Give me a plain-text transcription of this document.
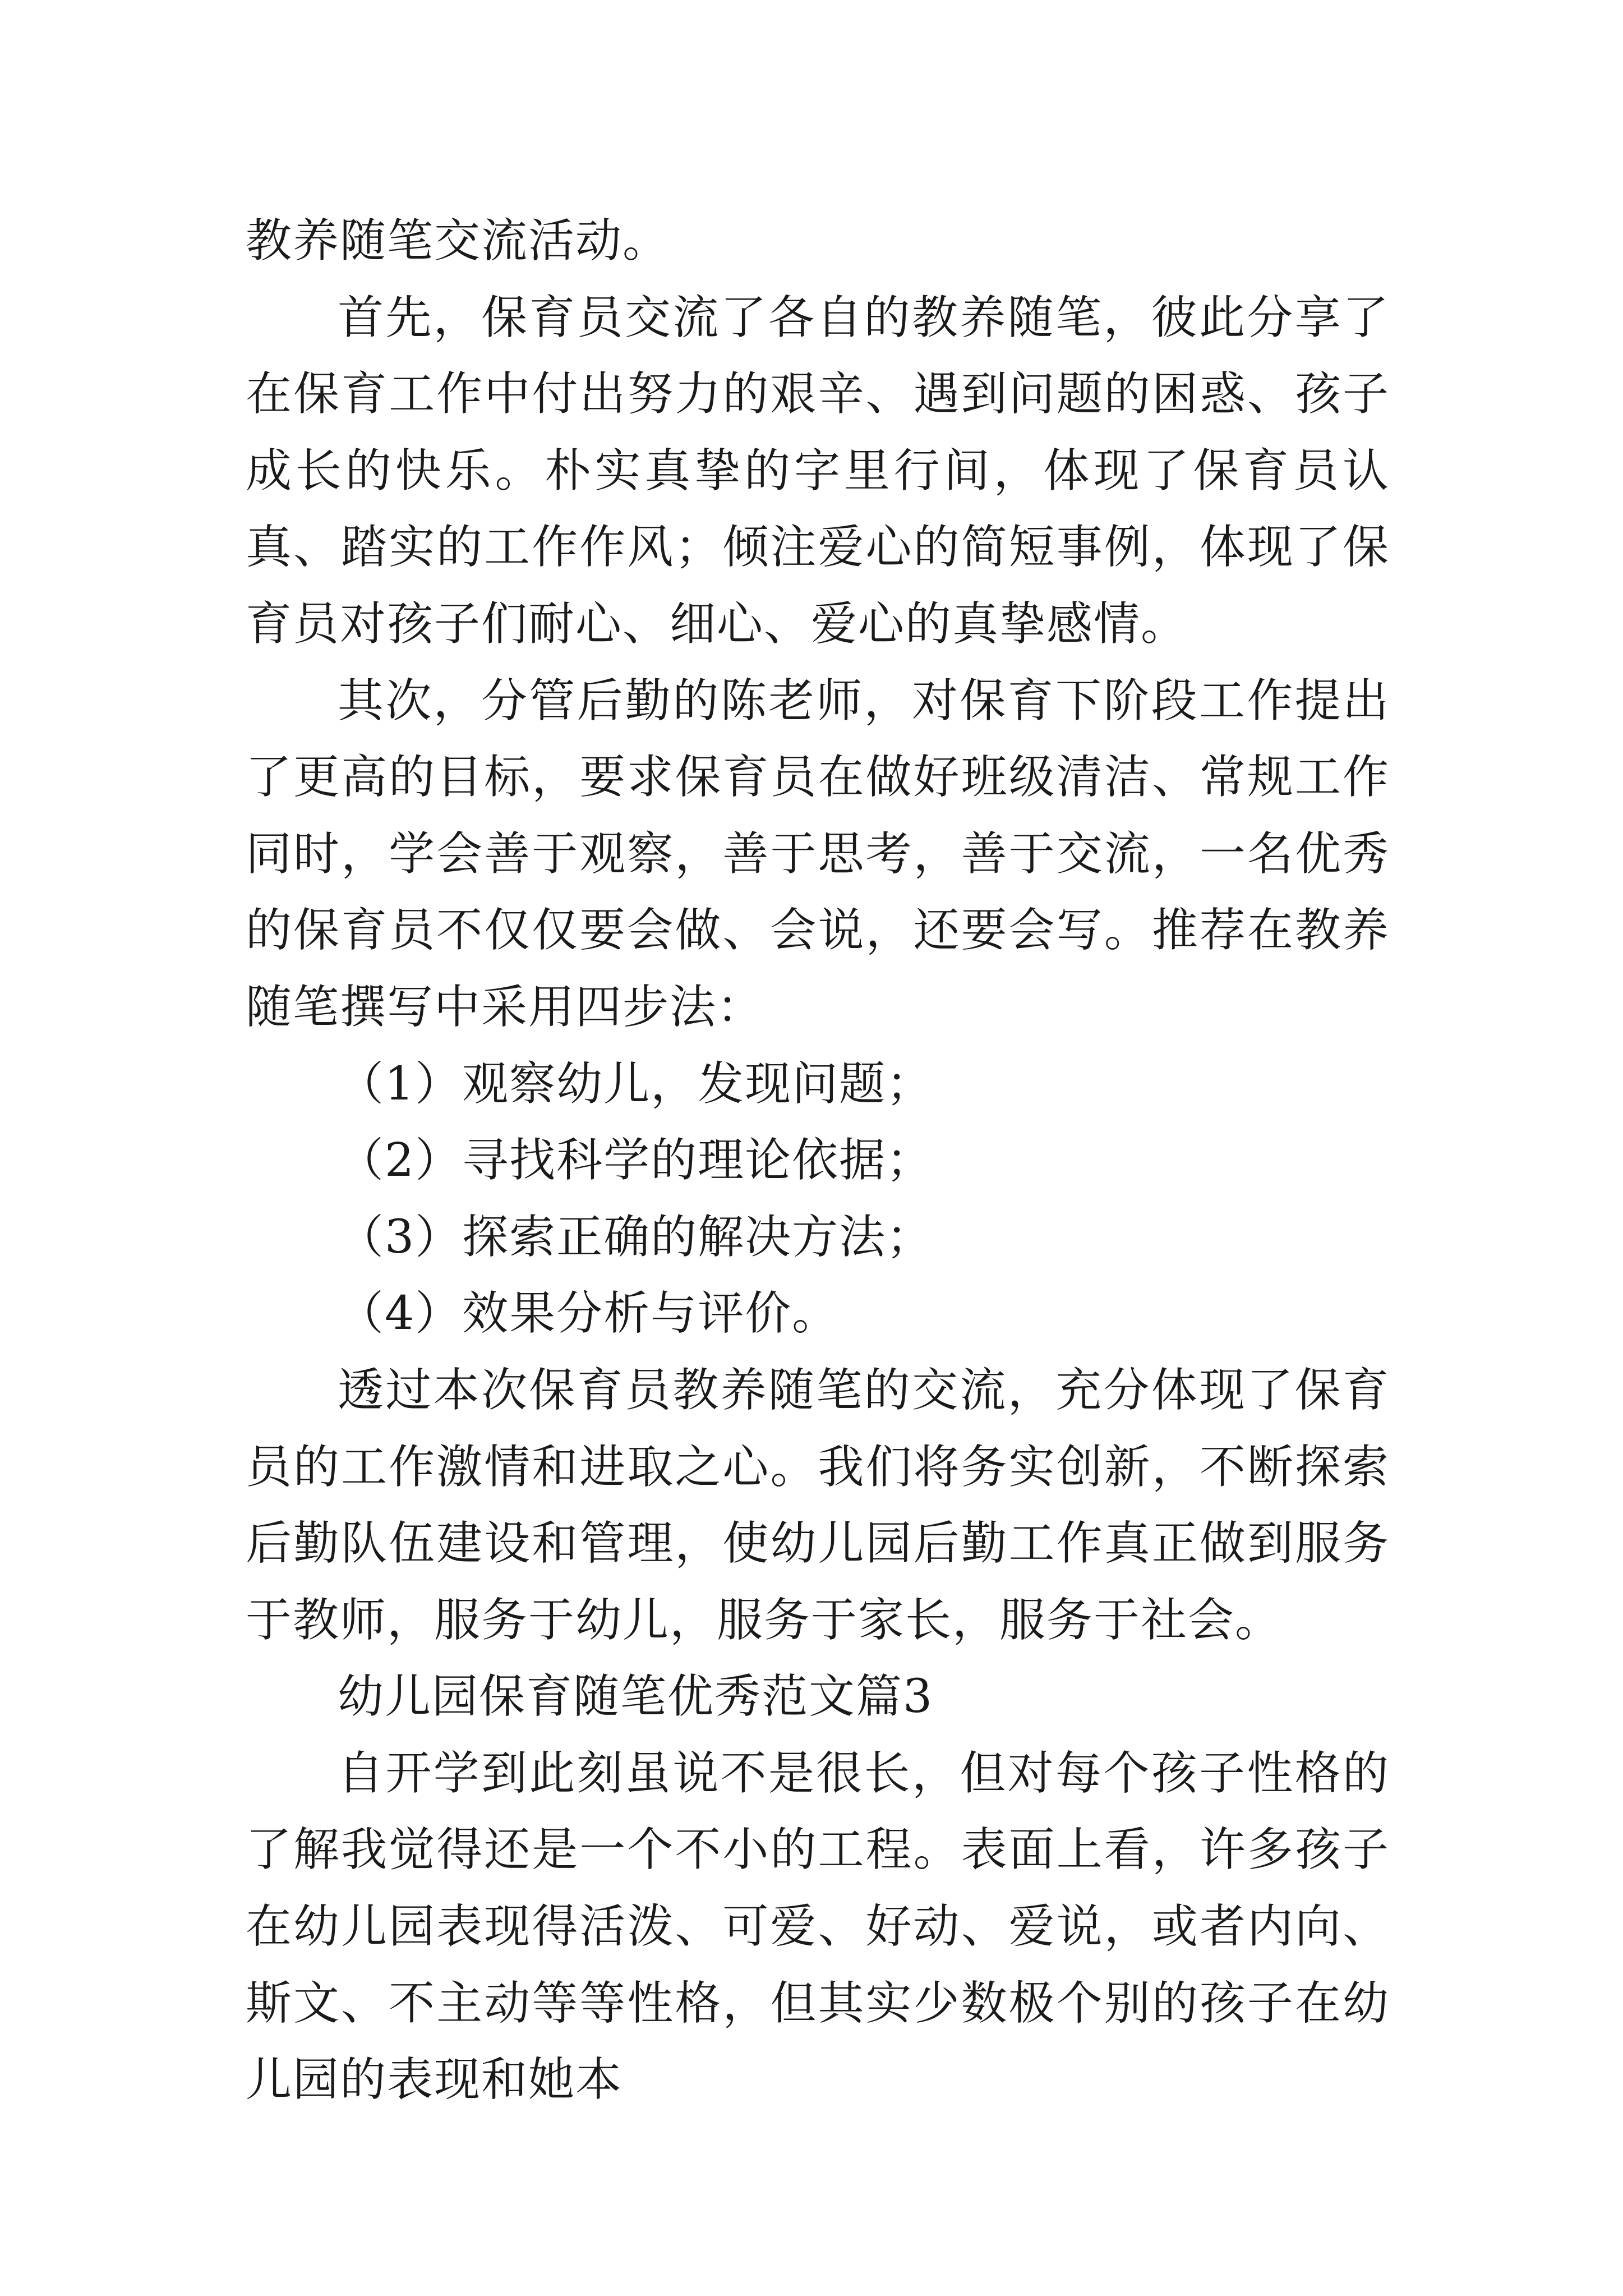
教养随笔交流活动。

首先，保育员交流了各自的教养随笔，彼此分享了在保育工作中付出努力的艰辛、遇到问题的困惑、孩子成长的快乐。朴实真挚的字里行间，体现了保育员认真、踏实的工作作风；倾注爱心的简短事例，体现了保育员对孩子们耐心、细心、爱心的真挚感情。

其次，分管后勤的陈老师，对保育下阶段工作提出了更高的目标，要求保育员在做好班级清洁、常规工作同时，学会善于观察，善于思考，善于交流，一名优秀的保育员不仅仅要会做、会说，还要会写。推荐在教养随笔撰写中采用四步法：

（1）观察幼儿，发现问题；

（2）寻找科学的理论依据；

（3）探索正确的解决方法；

（4）效果分析与评价。

透过本次保育员教养随笔的交流，充分体现了保育员的工作激情和进取之心。我们将务实创新，不断探索后勤队伍建设和管理，使幼儿园后勤工作真正做到服务于教师，服务于幼儿，服务于家长，服务于社会。

幼儿园保育随笔优秀范文篇3

自开学到此刻虽说不是很长，但对每个孩子性格的了解我觉得还是一个不小的工程。表面上看，许多孩子在幼儿园表现得活泼、可爱、好动、爱说，或者内向、斯文、不主动等等性格，但其实少数极个别的孩子在幼儿园的表现和她本
